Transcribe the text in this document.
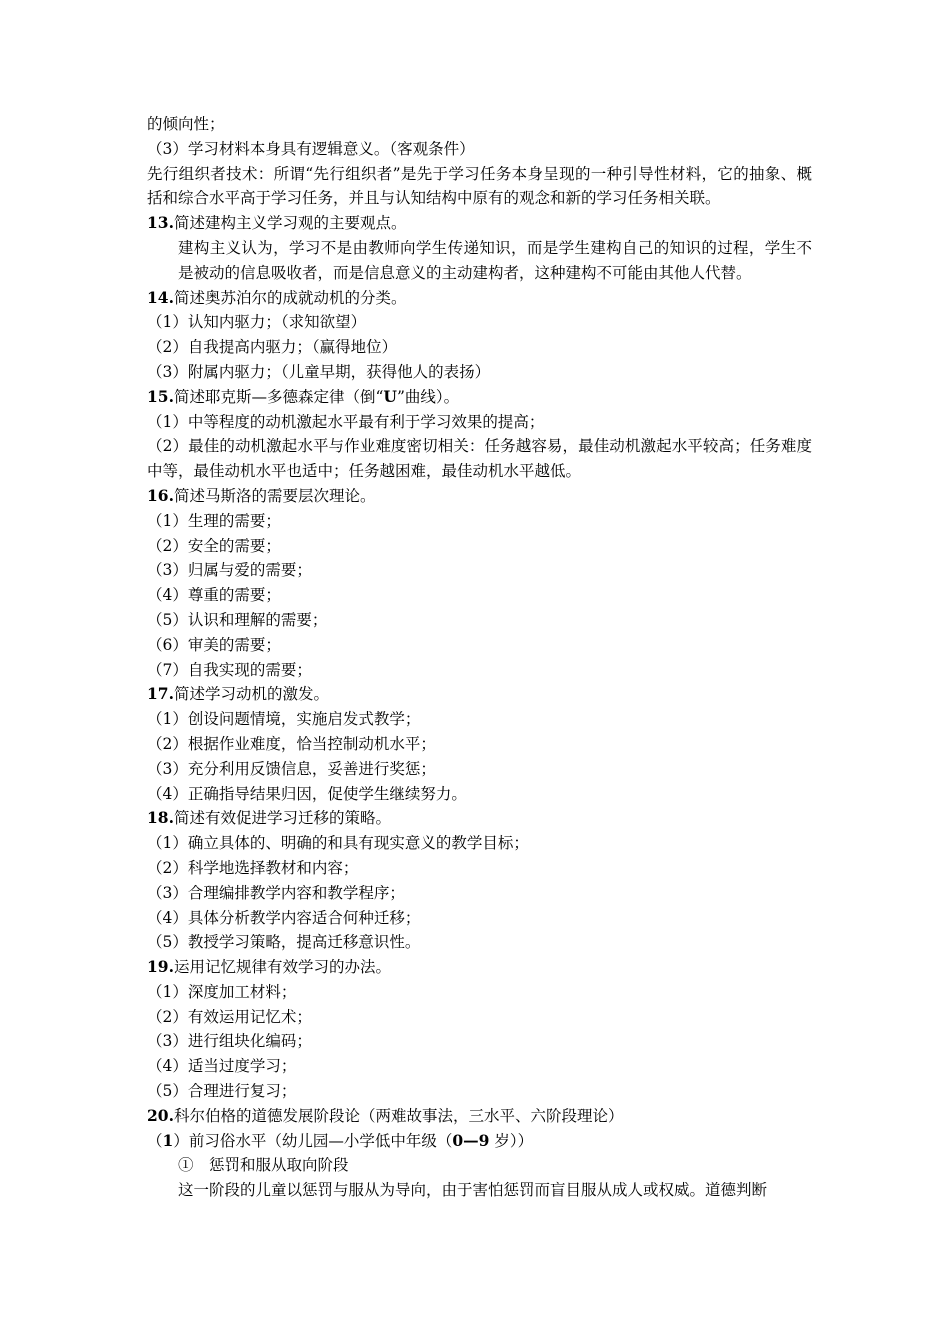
的倾向性；
（3）学习材料本身具有逻辑意义。（客观条件）
先行组织者技术：所谓“先行组织者”是先于学习任务本身呈现的一种引导性材料，它的抽象、概括和综合水平高于学习任务，并且与认知结构中原有的观念和新的学习任务相关联。
13.简述建构主义学习观的主要观点。
建构主义认为，学习不是由教师向学生传递知识，而是学生建构自己的知识的过程，学生不是被动的信息吸收者，而是信息意义的主动建构者，这种建构不可能由其他人代替。
14.简述奥苏泊尔的成就动机的分类。
（1）认知内驱力；（求知欲望）
（2）自我提高内驱力；（赢得地位）
（3）附属内驱力；（儿童早期，获得他人的表扬）
15.简述耶克斯—多德森定律（倒“U”曲线）。
（1）中等程度的动机激起水平最有利于学习效果的提高；
（2）最佳的动机激起水平与作业难度密切相关：任务越容易，最佳动机激起水平较高；任务难度中等，最佳动机水平也适中；任务越困难，最佳动机水平越低。
16.简述马斯洛的需要层次理论。
（1）生理的需要；
（2）安全的需要；
（3）归属与爱的需要；
（4）尊重的需要；
（5）认识和理解的需要；
（6）审美的需要；
（7）自我实现的需要；
17.简述学习动机的激发。
（1）创设问题情境，实施启发式教学；
（2）根据作业难度，恰当控制动机水平；
（3）充分利用反馈信息，妥善进行奖惩；
（4）正确指导结果归因，促使学生继续努力。
18.简述有效促进学习迁移的策略。
（1）确立具体的、明确的和具有现实意义的教学目标；
（2）科学地选择教材和内容；
（3）合理编排教学内容和教学程序；
（4）具体分析教学内容适合何种迁移；
（5）教授学习策略，提高迁移意识性。
19.运用记忆规律有效学习的办法。
（1）深度加工材料；
（2）有效运用记忆术；
（3）进行组块化编码；
（4）适当过度学习；
（5）合理进行复习；
20.科尔伯格的道德发展阶段论（两难故事法，三水平、六阶段理论）
（1）前习俗水平（幼儿园—小学低中年级（0—9 岁））
①　惩罚和服从取向阶段
这一阶段的儿童以惩罚与服从为导向，由于害怕惩罚而盲目服从成人或权威。道德判断
